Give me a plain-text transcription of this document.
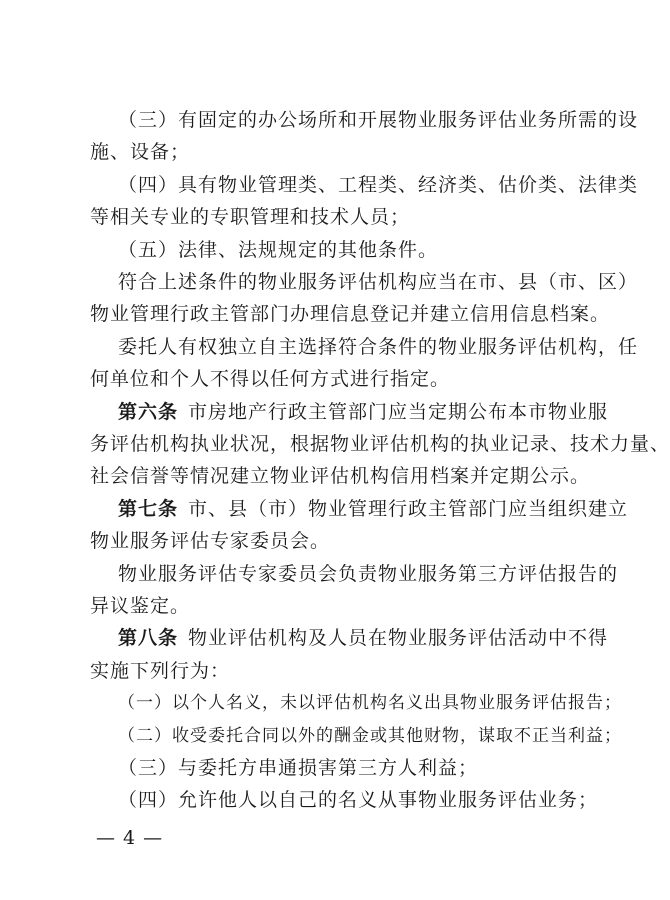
（三）有固定的办公场所和开展物业服务评估业务所需的设
施、设备；
（四）具有物业管理类、工程类、经济类、估价类、法律类
等相关专业的专职管理和技术人员；
（五）法律、法规规定的其他条件。
符合上述条件的物业服务评估机构应当在市、县（市、区）
物业管理行政主管部门办理信息登记并建立信用信息档案。
委托人有权独立自主选择符合条件的物业服务评估机构，任
何单位和个人不得以任何方式进行指定。
第六条 市房地产行政主管部门应当定期公布本市物业服
务评估机构执业状况，根据物业评估机构的执业记录、技术力量、
社会信誉等情况建立物业评估机构信用档案并定期公示。
第七条 市、县（市）物业管理行政主管部门应当组织建立
物业服务评估专家委员会。
物业服务评估专家委员会负责物业服务第三方评估报告的
异议鉴定。
第八条 物业评估机构及人员在物业服务评估活动中不得
实施下列行为：
（一）以个人名义，未以评估机构名义出具物业服务评估报告；
（二）收受委托合同以外的酬金或其他财物，谋取不正当利益；
（三）与委托方串通损害第三方人利益；
（四）允许他人以自己的名义从事物业服务评估业务；
— 4 —
